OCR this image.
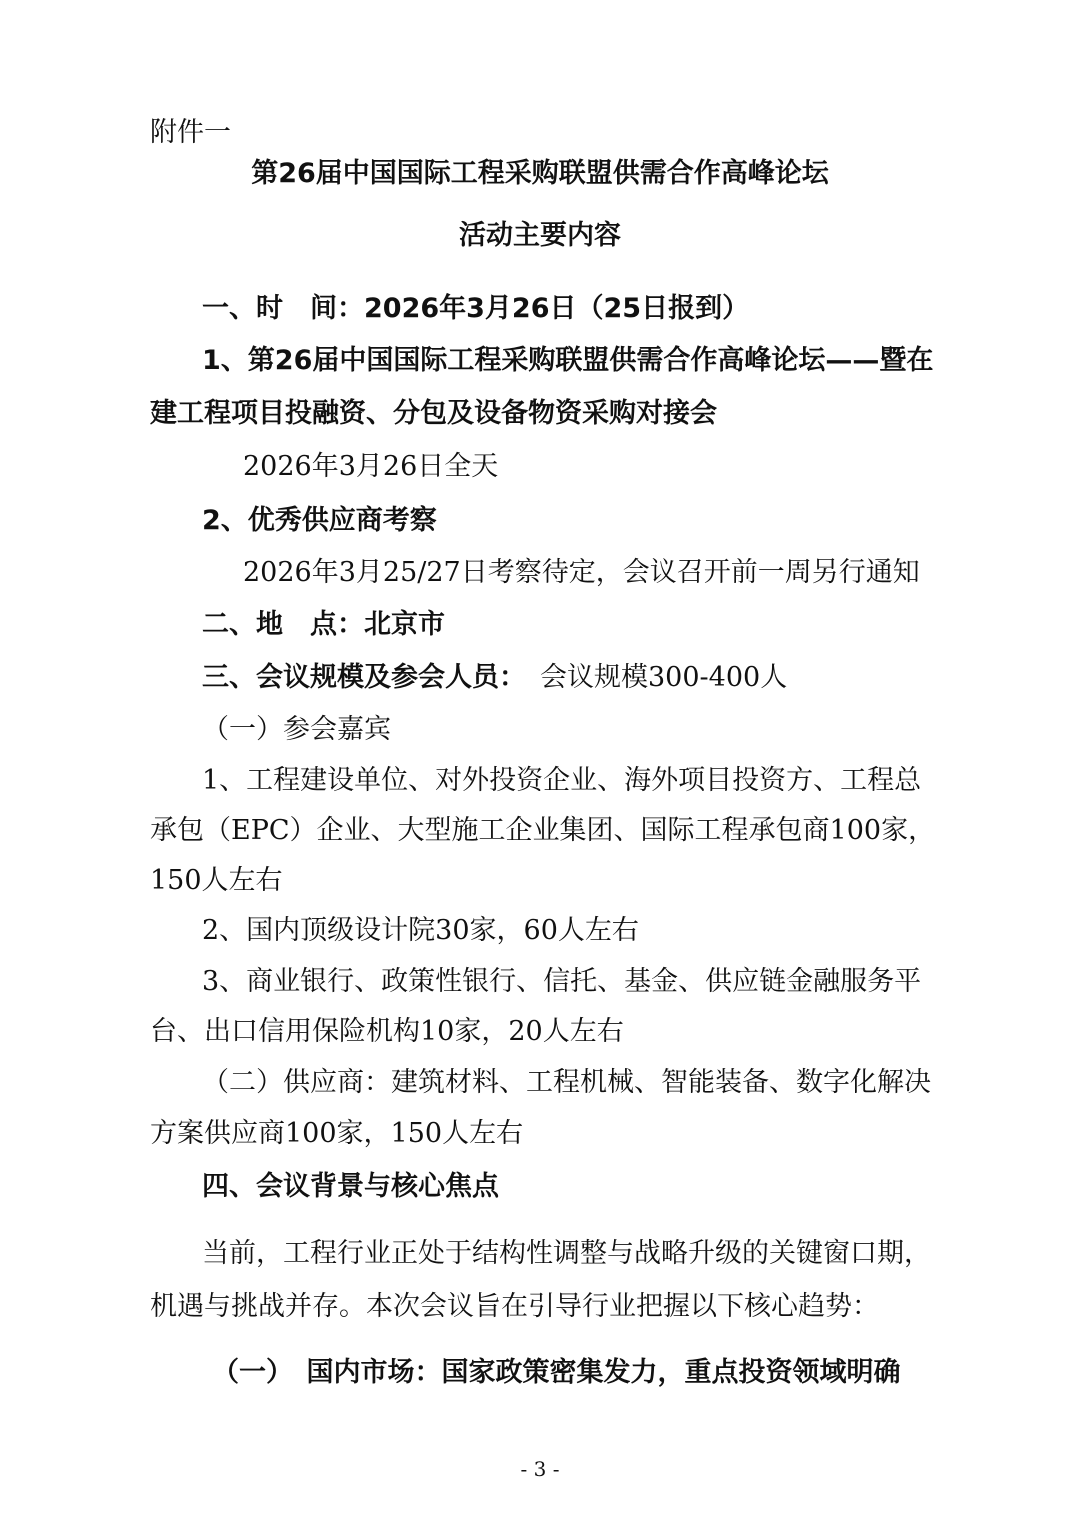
附件一
第26届中国国际工程采购联盟供需合作高峰论坛
活动主要内容
一、时　间：2026年3月26日（25日报到）
1、第26届中国国际工程采购联盟供需合作高峰论坛——暨在
建工程项目投融资、分包及设备物资采购对接会
2026年3月26日全天
2、优秀供应商考察
2026年3月25/27日考察待定，会议召开前一周另行通知
二、地　点：北京市
三、会议规模及参会人员： 会议规模300-400人
（一）参会嘉宾
1、工程建设单位、对外投资企业、海外项目投资方、工程总
承包（EPC）企业、大型施工企业集团、国际工程承包商100家，
150人左右
2、国内顶级设计院30家，60人左右
3、商业银行、政策性银行、信托、基金、供应链金融服务平
台、出口信用保险机构10家，20人左右
（二）供应商：建筑材料、工程机械、智能装备、数字化解决
方案供应商100家，150人左右
四、会议背景与核心焦点
当前，工程行业正处于结构性调整与战略升级的关键窗口期，
机遇与挑战并存。本次会议旨在引导行业把握以下核心趋势：
（一）　国内市场：国家政策密集发力，重点投资领域明确
- 3 -
